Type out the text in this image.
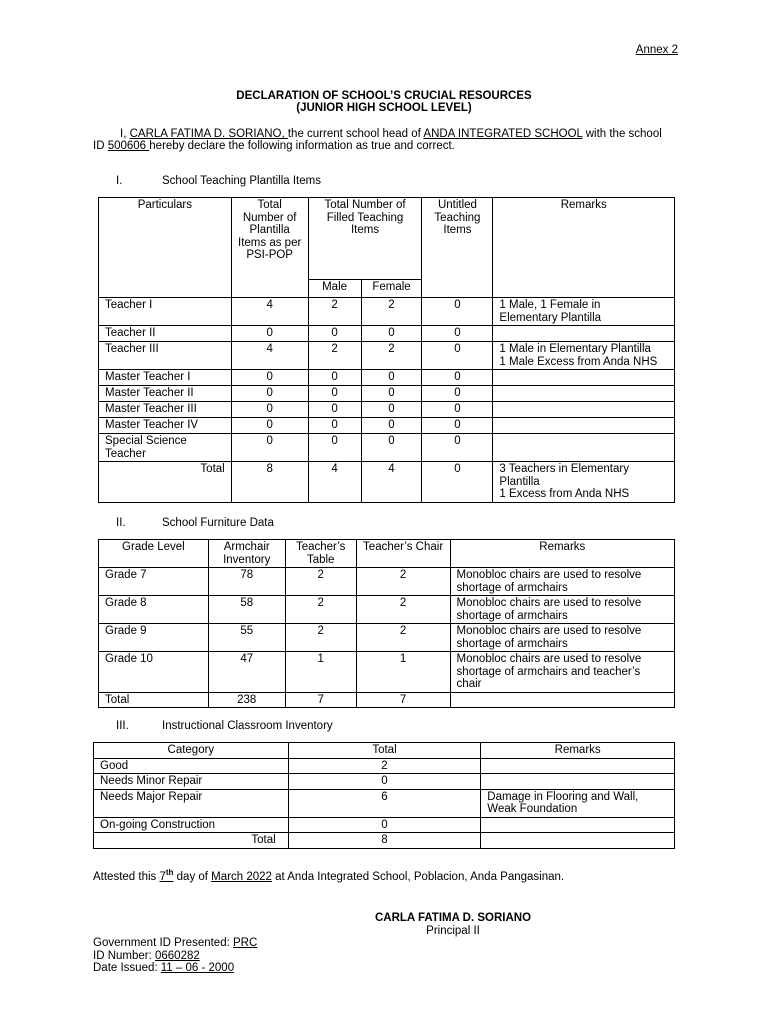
Annex 2
DECLARATION OF SCHOOL’S CRUCIAL RESOURCES
(JUNIOR HIGH SCHOOL LEVEL)
I, CARLA FATIMA D. SORIANO, the current school head of ANDA INTEGRATED SCHOOL with the school
ID 500606 hereby declare the following information as true and correct.
I.	School Teaching Plantilla Items
Particulars	Total Number of Plantilla Items as per PSI-POP	Total Number of Filled Teaching Items		Untitled Teaching Items	Remarks
		Male	Female		
Teacher I	4	2	2	0	1 Male, 1 Female in
Elementary Plantilla
Teacher II	0	0	0	0	
Teacher III	4	2	2	0	1 Male in Elementary Plantilla
1 Male Excess from Anda NHS
Master Teacher I	0	0	0	0	
Master Teacher II	0	0	0	0	
Master Teacher III	0	0	0	0	
Master Teacher IV	0	0	0	0	
Special Science Teacher	0	0	0	0	
Total	8	4	4	0	3 Teachers in Elementary
Plantilla
1 Excess from Anda NHS
II.	School Furniture Data
Grade Level	Armchair Inventory	Teacher’s Table	Teacher’s Chair	Remarks
Grade 7	78	2	2	Monobloc chairs are used to resolve shortage of armchairs
Grade 8	58	2	2	Monobloc chairs are used to resolve shortage of armchairs
Grade 9	55	2	2	Monobloc chairs are used to resolve shortage of armchairs
Grade 10	47	1	1	Monobloc chairs are used to resolve shortage of armchairs and teacher’s chair
Total	238	7	7	
III.	Instructional Classroom Inventory
Category	Total	Remarks
Good	2	
Needs Minor Repair	0	
Needs Major Repair	6	Damage in Flooring and Wall, Weak Foundation
On-going Construction	0	
Total	8	
Attested this 7th day of March 2022 at Anda Integrated School, Poblacion, Anda Pangasinan.
CARLA FATIMA D. SORIANO
Principal II
Government ID Presented: PRC
ID Number: 0660282
Date Issued: 11 – 06 - 2000
